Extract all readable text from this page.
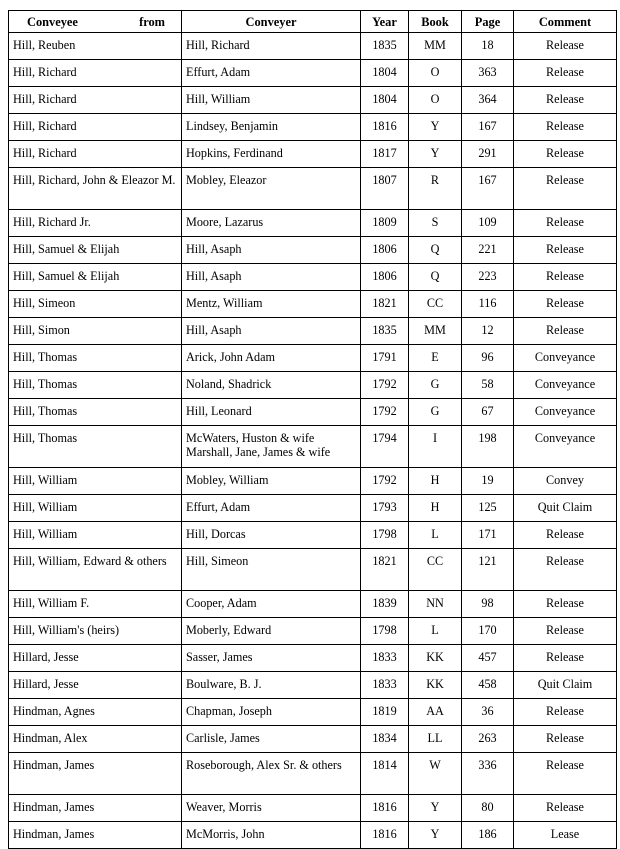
Conveyee from	Conveyer	Year	Book	Page	Comment
Hill, Reuben	Hill, Richard	1835	MM	18	Release
Hill, Richard	Effurt, Adam	1804	O	363	Release
Hill, Richard	Hill, William	1804	O	364	Release
Hill, Richard	Lindsey, Benjamin	1816	Y	167	Release
Hill, Richard	Hopkins, Ferdinand	1817	Y	291	Release
Hill, Richard, John & Eleazor M.	Mobley, Eleazor	1807	R	167	Release
Hill, Richard Jr.	Moore, Lazarus	1809	S	109	Release
Hill, Samuel & Elijah	Hill, Asaph	1806	Q	221	Release
Hill, Samuel & Elijah	Hill, Asaph	1806	Q	223	Release
Hill, Simeon	Mentz, William	1821	CC	116	Release
Hill, Simon	Hill, Asaph	1835	MM	12	Release
Hill, Thomas	Arick, John Adam	1791	E	96	Conveyance
Hill, Thomas	Noland, Shadrick	1792	G	58	Conveyance
Hill, Thomas	Hill, Leonard	1792	G	67	Conveyance
Hill, Thomas	McWaters, Huston & wife Marshall, Jane, James & wife	1794	I	198	Conveyance
Hill, William	Mobley, William	1792	H	19	Convey
Hill, William	Effurt, Adam	1793	H	125	Quit Claim
Hill, William	Hill, Dorcas	1798	L	171	Release
Hill, William, Edward & others	Hill, Simeon	1821	CC	121	Release
Hill, William F.	Cooper, Adam	1839	NN	98	Release
Hill, William's (heirs)	Moberly, Edward	1798	L	170	Release
Hillard, Jesse	Sasser, James	1833	KK	457	Release
Hillard, Jesse	Boulware, B. J.	1833	KK	458	Quit Claim
Hindman, Agnes	Chapman, Joseph	1819	AA	36	Release
Hindman, Alex	Carlisle, James	1834	LL	263	Release
Hindman, James	Roseborough, Alex Sr. & others	1814	W	336	Release
Hindman, James	Weaver, Morris	1816	Y	80	Release
Hindman, James	McMorris, John	1816	Y	186	Lease
